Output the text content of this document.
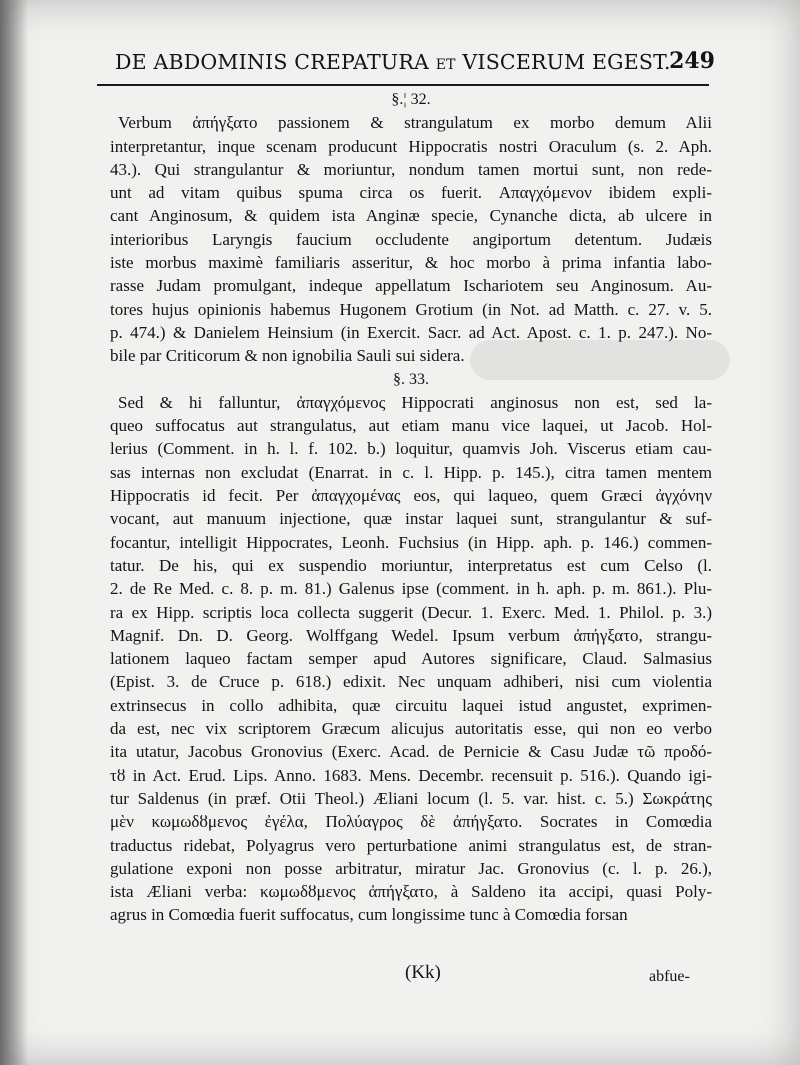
DE ABDOMINIS CREPATURA ET VISCERUM EGEST.
249
§.¦ 32.
Verbum ἀπήγξατο passionem & strangulatum ex morbo demum Alii
interpretantur, inque scenam producunt Hippocratis nostri Oraculum (s. 2. Aph.
43.). Qui strangulantur & moriuntur, nondum tamen mortui sunt, non rede-
unt ad vitam quibus spuma circa os fuerit. Απαγχόμενον ibidem expli-
cant Anginosum, & quidem ista Anginæ specie, Cynanche dicta, ab ulcere in
interioribus Laryngis faucium occludente angiportum detentum. Judæis
iste morbus maximè familiaris asseritur, & hoc morbo à prima infantia labo-
rasse Judam promulgant, indeque appellatum Ischariotem seu Anginosum. Au-
tores hujus opinionis habemus Hugonem Grotium (in Not. ad Matth. c. 27. v. 5.
p. 474.) & Danielem Heinsium (in Exercit. Sacr. ad Act. Apost. c. 1. p. 247.). No-
bile par Criticorum & non ignobilia Sauli sui sidera.
§. 33.
Sed & hi falluntur, ἀπαγχόμενος Hippocrati anginosus non est, sed la-
queo suffocatus aut strangulatus, aut etiam manu vice laquei, ut Jacob. Hol-
lerius (Comment. in h. l. f. 102. b.) loquitur, quamvis Joh. Viscerus etiam cau-
sas internas non excludat (Enarrat. in c. l. Hipp. p. 145.), citra tamen mentem
Hippocratis id fecit. Per ἀπαγχομένας eos, qui laqueo, quem Græci ἀγχόνην
vocant, aut manuum injectione, quæ instar laquei sunt, strangulantur & suf-
focantur, intelligit Hippocrates, Leonh. Fuchsius (in Hipp. aph. p. 146.) commen-
tatur. De his, qui ex suspendio moriuntur, interpretatus est cum Celso (l.
2. de Re Med. c. 8. p. m. 81.) Galenus ipse (comment. in h. aph. p. m. 861.). Plu-
ra ex Hipp. scriptis loca collecta suggerit (Decur. 1. Exerc. Med. 1. Philol. p. 3.)
Magnif. Dn. D. Georg. Wolffgang Wedel. Ipsum verbum ἀπήγξατο, strangu-
lationem laqueo factam semper apud Autores significare, Claud. Salmasius
(Epist. 3. de Cruce p. 618.) edixit. Nec unquam adhiberi, nisi cum violentia
extrinsecus in collo adhibita, quæ circuitu laquei istud angustet, exprimen-
da est, nec vix scriptorem Græcum alicujus autoritatis esse, qui non eo verbo
ita utatur, Jacobus Gronovius (Exerc. Acad. de Pernicie & Casu Judæ τῶ προδό-
τȣ in Act. Erud. Lips. Anno. 1683. Mens. Decembr. recensuit p. 516.). Quando igi-
tur Saldenus (in præf. Otii Theol.) Æliani locum (l. 5. var. hist. c. 5.) Σωκράτης
μὲν κωμωδȣμενος ἐγέλα, Πολύαγρος δὲ ἀπήγξατο. Socrates in Comœdia
traductus ridebat, Polyagrus vero perturbatione animi strangulatus est, de stran-
gulatione exponi non posse arbitratur, miratur Jac. Gronovius (c. l. p. 26.),
ista Æliani verba: κωμωδȣμενος ἀπήγξατο, à Saldeno ita accipi, quasi Poly-
agrus in Comœdia fuerit suffocatus, cum longissime tunc à Comœdia forsan
(Kk)	abfue-
